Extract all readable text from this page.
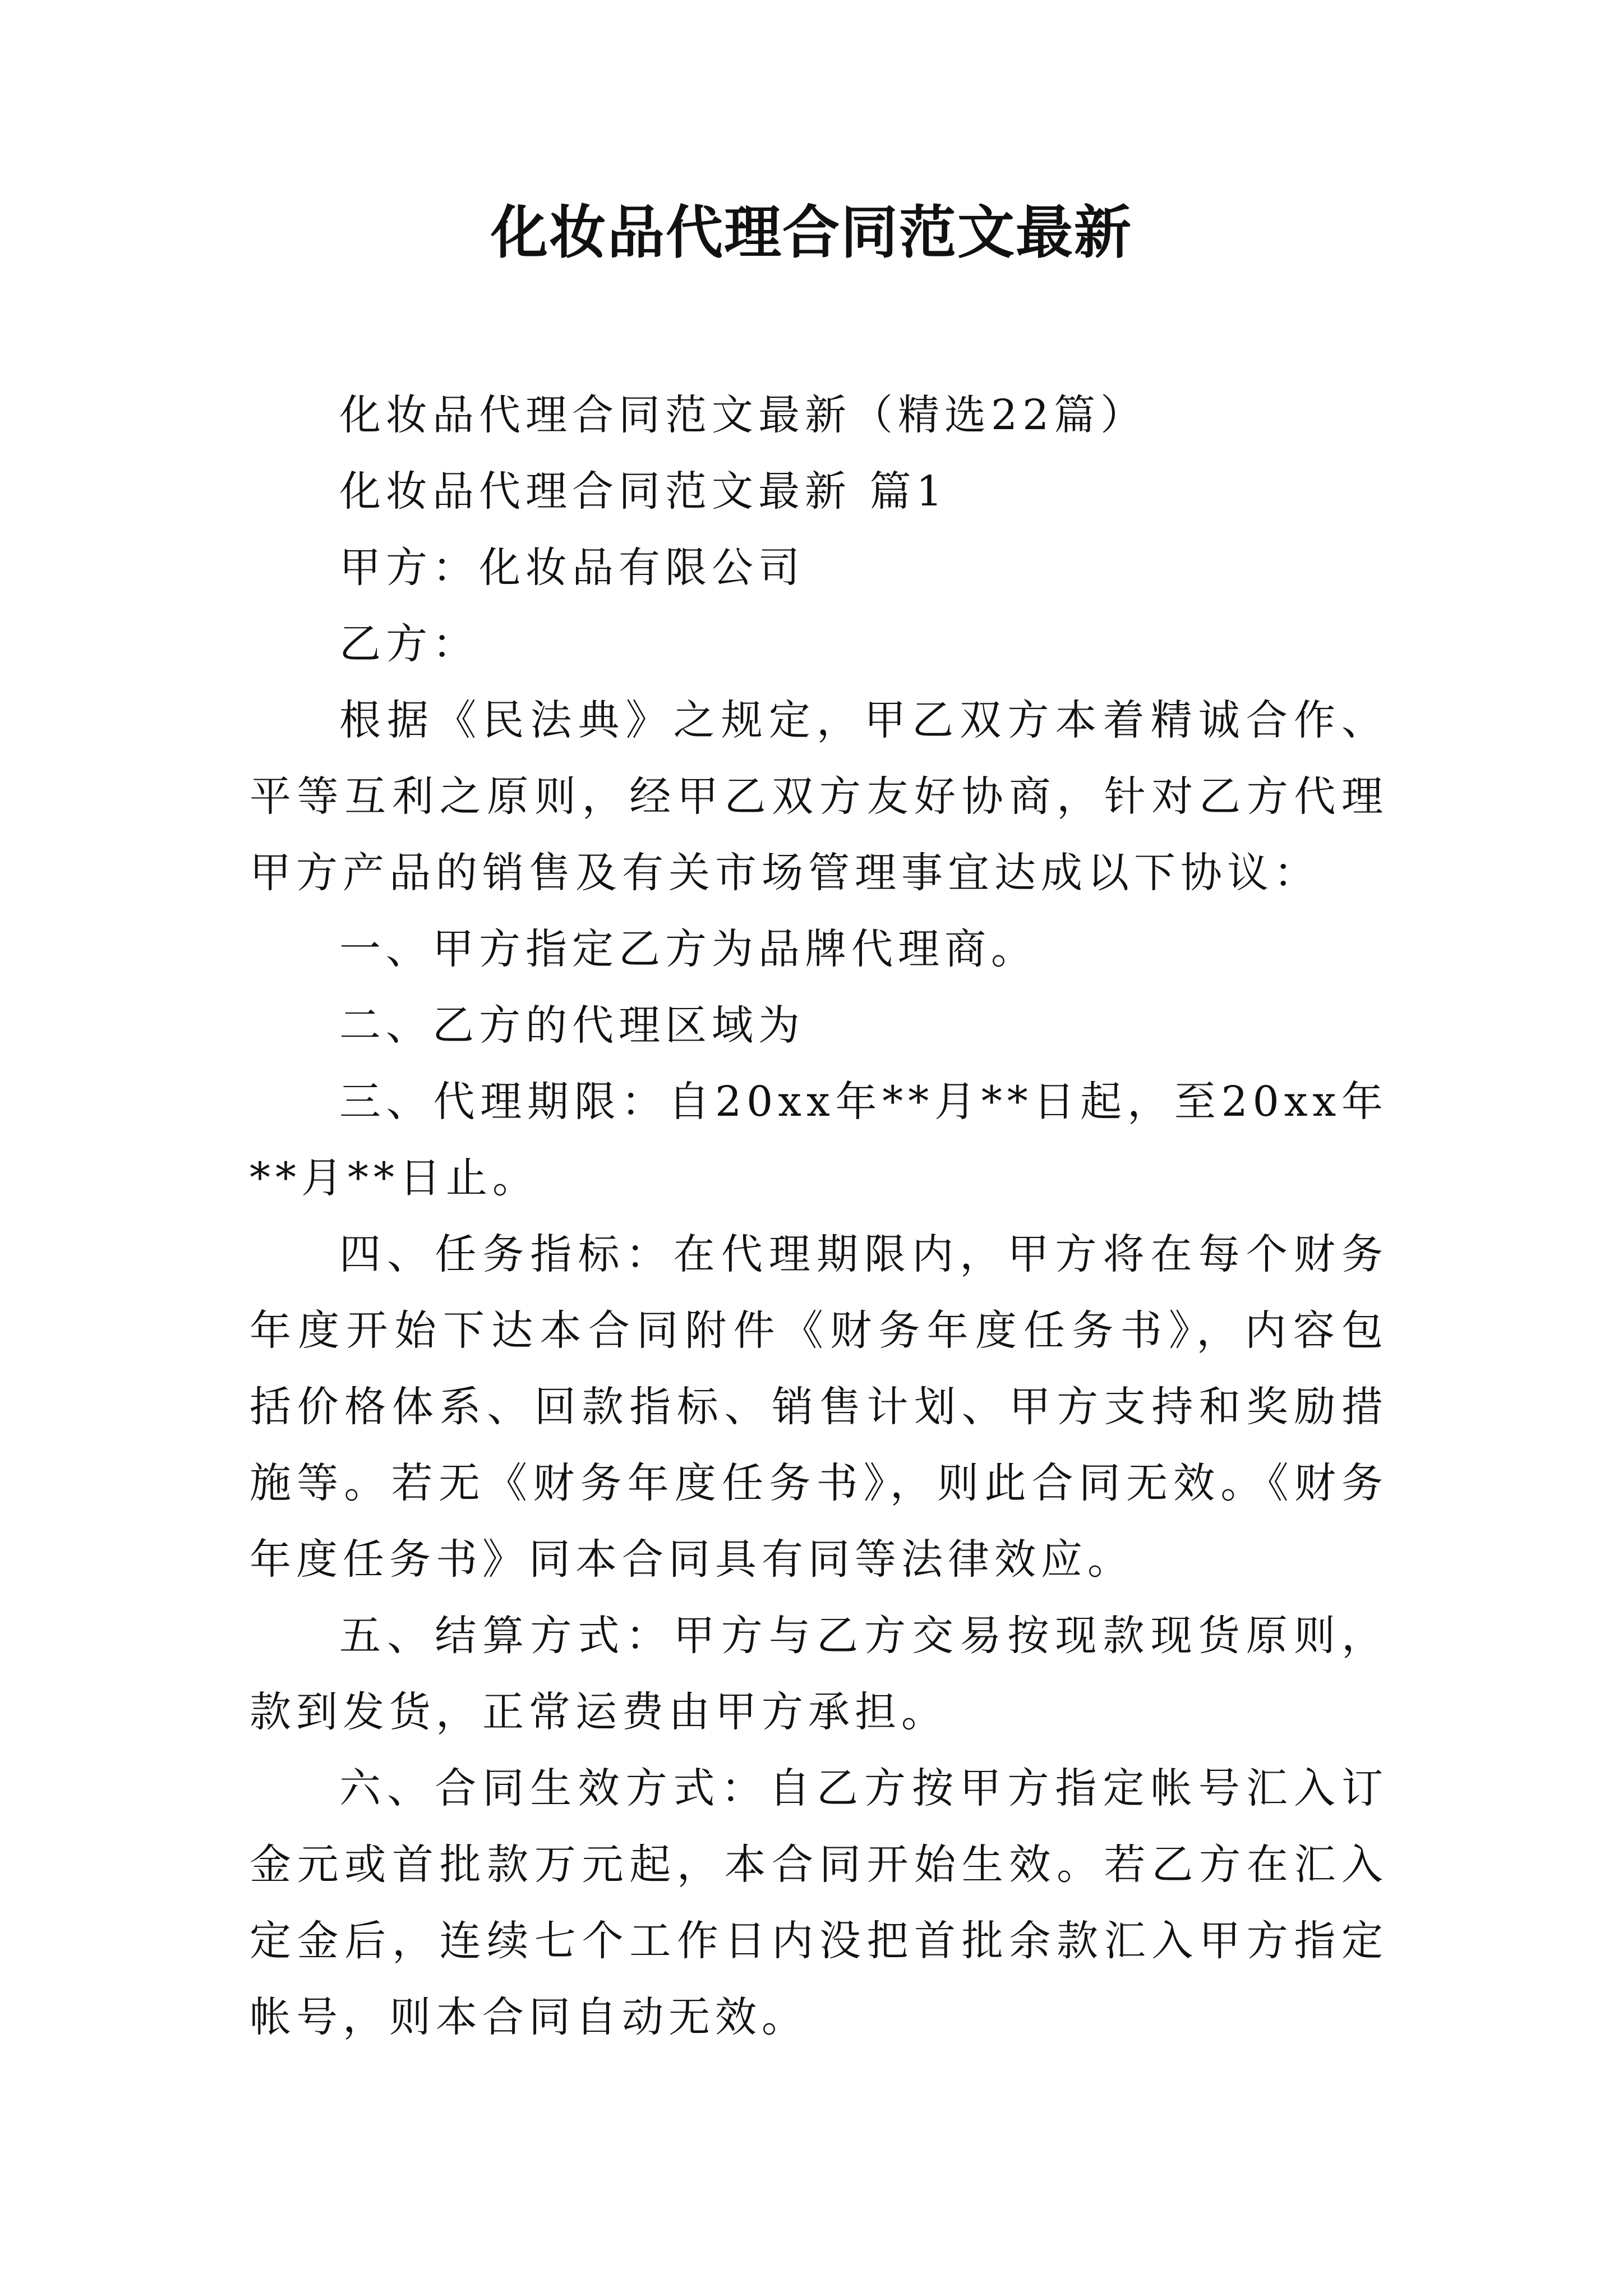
化妆品代理合同范文最新

化妆品代理合同范文最新（精选22篇）

化妆品代理合同范文最新 篇1

甲方：化妆品有限公司

乙方：

根据《民法典》之规定，甲乙双方本着精诚合作、平等互利之原则，经甲乙双方友好协商，针对乙方代理甲方产品的销售及有关市场管理事宜达成以下协议：

一、甲方指定乙方为品牌代理商。

二、乙方的代理区域为

三、代理期限：自20xx年**月**日起，至20xx年**月**日止。

四、任务指标：在代理期限内，甲方将在每个财务年度开始下达本合同附件《财务年度任务书》，内容包括价格体系、回款指标、销售计划、甲方支持和奖励措施等。若无《财务年度任务书》，则此合同无效。《财务年度任务书》同本合同具有同等法律效应。

五、结算方式：甲方与乙方交易按现款现货原则，款到发货，正常运费由甲方承担。

六、合同生效方式：自乙方按甲方指定帐号汇入订金元或首批款万元起，本合同开始生效。若乙方在汇入定金后，连续七个工作日内没把首批余款汇入甲方指定帐号，则本合同自动无效。
